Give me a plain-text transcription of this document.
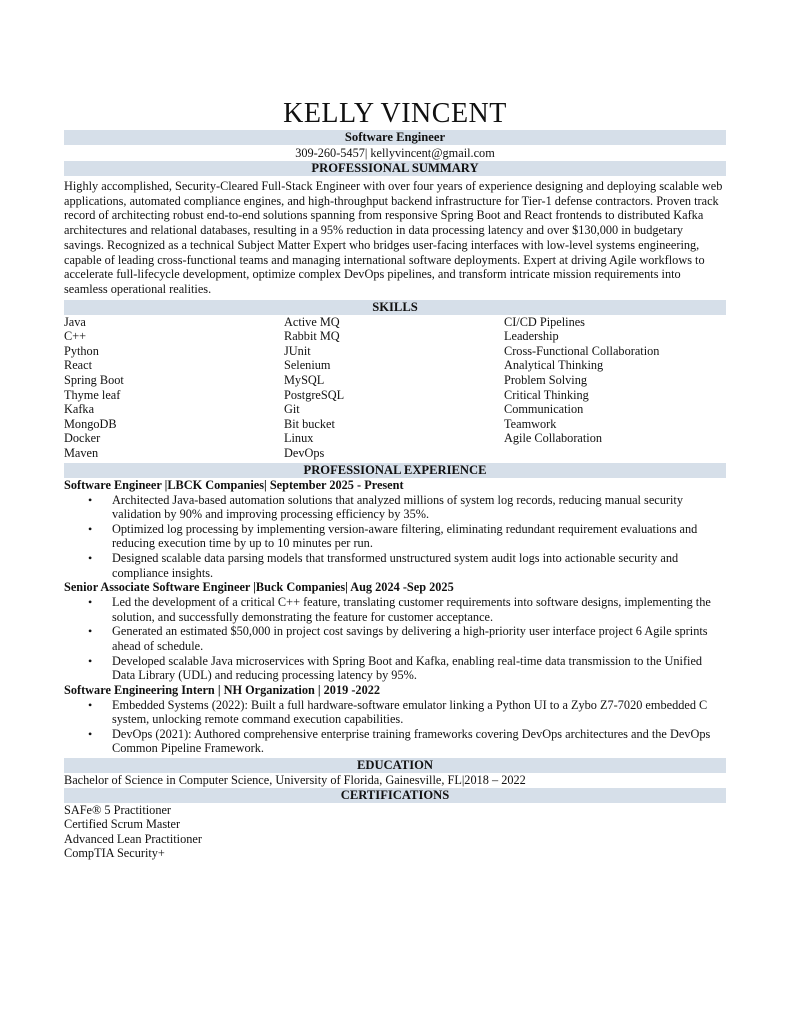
KELLY VINCENT
Software Engineer
309-260-5457| kellyvincent@gmail.com
PROFESSIONAL SUMMARY
Highly accomplished, Security-Cleared Full-Stack Engineer with over four years of experience designing and deploying scalable web applications, automated compliance engines, and high-throughput backend infrastructure for Tier-1 defense contractors. Proven track record of architecting robust end-to-end solutions spanning from responsive Spring Boot and React frontends to distributed Kafka architectures and relational databases, resulting in a 95% reduction in data processing latency and over $130,000 in budgetary savings. Recognized as a technical Subject Matter Expert who bridges user-facing interfaces with low-level systems engineering, capable of leading cross-functional teams and managing international software deployments. Expert at driving Agile workflows to accelerate full-lifecycle development, optimize complex DevOps pipelines, and transform intricate mission requirements into seamless operational realities.
SKILLS
Java
C++
Python
React
Spring Boot
Thyme leaf
Kafka
MongoDB
Docker
Maven
Active MQ
Rabbit MQ
JUnit
Selenium
MySQL
PostgreSQL
Git
Bit bucket
Linux
DevOps
CI/CD Pipelines
Leadership
Cross-Functional Collaboration
Analytical Thinking
Problem Solving
Critical Thinking
Communication
Teamwork
Agile Collaboration
PROFESSIONAL EXPERIENCE
Software Engineer |LBCK Companies| September 2025 - Present
• Architected Java-based automation solutions that analyzed millions of system log records, reducing manual security validation by 90% and improving processing efficiency by 35%.
• Optimized log processing by implementing version-aware filtering, eliminating redundant requirement evaluations and reducing execution time by up to 10 minutes per run.
• Designed scalable data parsing models that transformed unstructured system audit logs into actionable security and compliance insights.
Senior Associate Software Engineer |Buck Companies| Aug 2024 -Sep 2025
• Led the development of a critical C++ feature, translating customer requirements into software designs, implementing the solution, and successfully demonstrating the feature for customer acceptance.
• Generated an estimated $50,000 in project cost savings by delivering a high-priority user interface project 6 Agile sprints ahead of schedule.
• Developed scalable Java microservices with Spring Boot and Kafka, enabling real-time data transmission to the Unified Data Library (UDL) and reducing processing latency by 95%.
Software Engineering Intern | NH Organization | 2019 -2022
• Embedded Systems (2022): Built a full hardware-software emulator linking a Python UI to a Zybo Z7-7020 embedded C system, unlocking remote command execution capabilities.
• DevOps (2021): Authored comprehensive enterprise training frameworks covering DevOps architectures and the DevOps Common Pipeline Framework.
EDUCATION
Bachelor of Science in Computer Science, University of Florida, Gainesville, FL|2018 – 2022
CERTIFICATIONS
SAFe® 5 Practitioner
Certified Scrum Master
Advanced Lean Practitioner
CompTIA Security+
